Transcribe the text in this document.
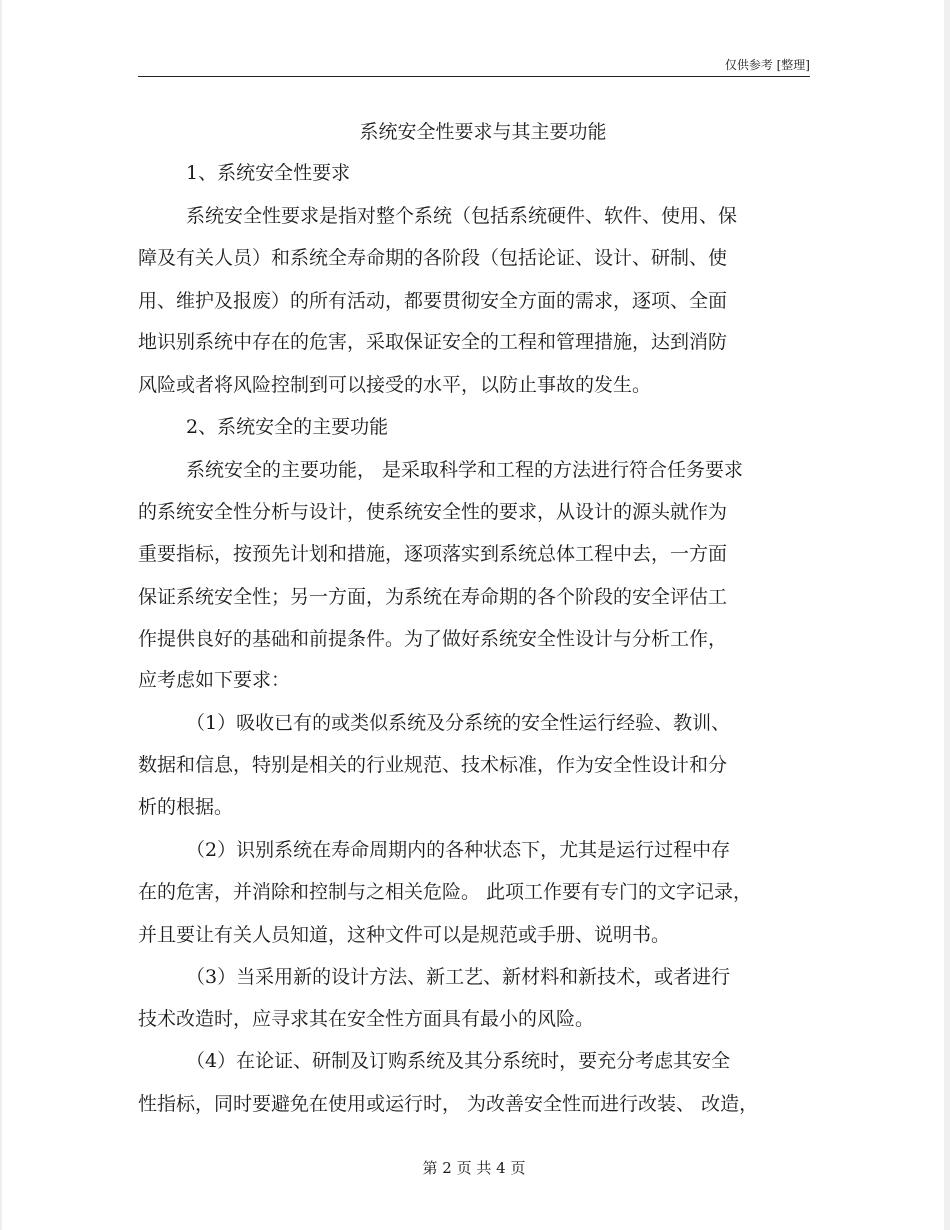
仅供参考 [整理]
系统安全性要求与其主要功能
1、系统安全性要求
系统安全性要求是指对整个系统（包括系统硬件、软件、使用、保
障及有关人员）和系统全寿命期的各阶段（包括论证、设计、研制、使
用、维护及报废）的所有活动，都要贯彻安全方面的需求，逐项、全面
地识别系统中存在的危害，采取保证安全的工程和管理措施，达到消防
风险或者将风险控制到可以接受的水平，以防止事故的发生。
2、系统安全的主要功能
系统安全的主要功能， 是采取科学和工程的方法进行符合任务要求
的系统安全性分析与设计，使系统安全性的要求，从设计的源头就作为
重要指标，按预先计划和措施，逐项落实到系统总体工程中去，一方面
保证系统安全性；另一方面，为系统在寿命期的各个阶段的安全评估工
作提供良好的基础和前提条件。为了做好系统安全性设计与分析工作，
应考虑如下要求：
（1）吸收已有的或类似系统及分系统的安全性运行经验、教训、
数据和信息，特别是相关的行业规范、技术标准，作为安全性设计和分
析的根据。
（2）识别系统在寿命周期内的各种状态下，尤其是运行过程中存
在的危害，并消除和控制与之相关危险。 此项工作要有专门的文字记录，
并且要让有关人员知道，这种文件可以是规范或手册、说明书。
（3）当采用新的设计方法、新工艺、新材料和新技术，或者进行
技术改造时，应寻求其在安全性方面具有最小的风险。
（4）在论证、研制及订购系统及其分系统时，要充分考虑其安全
性指标，同时要避免在使用或运行时， 为改善安全性而进行改装、 改造，
第 2 页 共 4 页
